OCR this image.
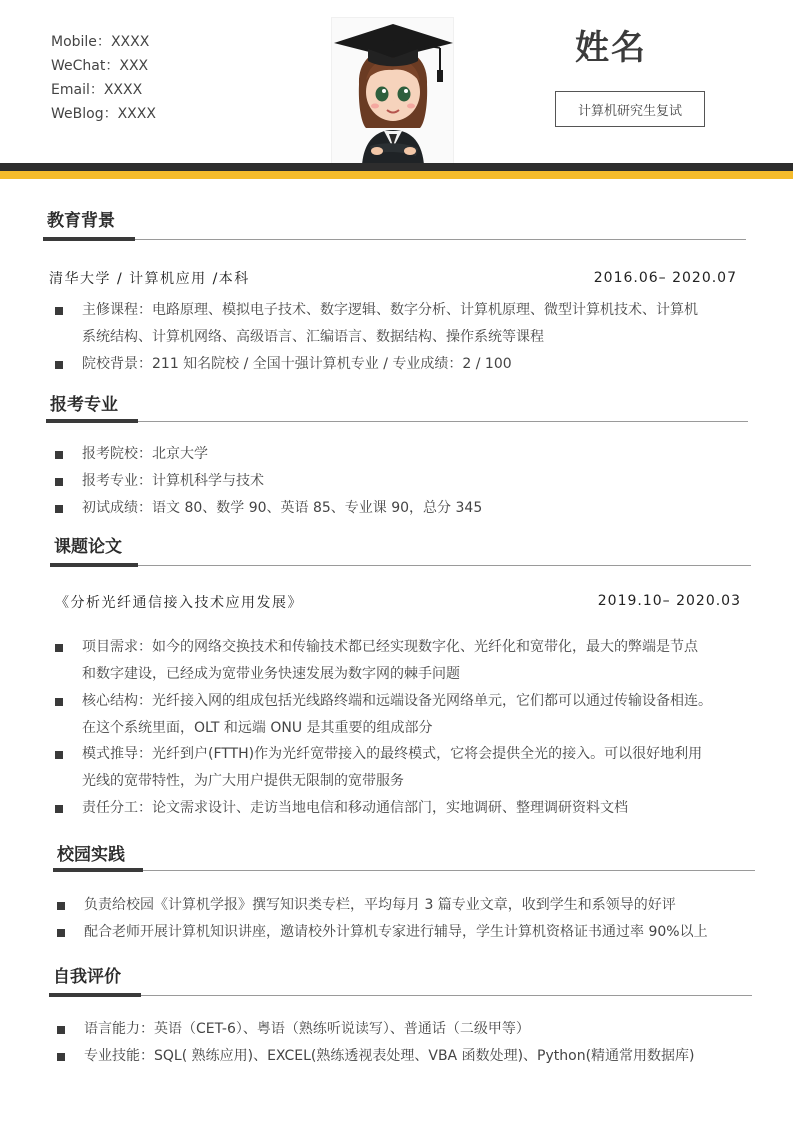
Mobile：XXXX
WeChat：XXX
Email：XXXX
WeBlog：XXXX
姓名
计算机研究生复试
教育背景
清华大学 / 计算机应用 /本科	2016.06– 2020.07
主修课程：电路原理、模拟电子技术、数字逻辑、数字分析、计算机原理、微型计算机技术、计算机
系统结构、计算机网络、高级语言、汇编语言、数据结构、操作系统等课程
院校背景：211 知名院校 / 全国十强计算机专业 / 专业成绩：2 / 100
报考专业
报考院校：北京大学
报考专业：计算机科学与技术
初试成绩：语文 80、数学 90、英语 85、专业课 90，总分 345
课题论文
《分析光纤通信接入技术应用发展》	2019.10– 2020.03
项目需求：如今的网络交换技术和传输技术都已经实现数字化、光纤化和宽带化，最大的弊端是节点
和数字建设，已经成为宽带业务快速发展为数字网的棘手问题
核心结构：光纤接入网的组成包括光线路终端和远端设备光网络单元，它们都可以通过传输设备相连。
在这个系统里面，OLT 和远端 ONU 是其重要的组成部分
模式推导：光纤到户(FTTH)作为光纤宽带接入的最终模式，它将会提供全光的接入。可以很好地利用
光线的宽带特性，为广大用户提供无限制的宽带服务
责任分工：论文需求设计、走访当地电信和移动通信部门，实地调研、整理调研资料文档
校园实践
负责给校园《计算机学报》撰写知识类专栏，平均每月 3 篇专业文章，收到学生和系领导的好评
配合老师开展计算机知识讲座，邀请校外计算机专家进行辅导，学生计算机资格证书通过率 90%以上
自我评价
语言能力：英语（CET-6）、粤语（熟练听说读写）、普通话（二级甲等）
专业技能：SQL( 熟练应用)、EXCEL(熟练透视表处理、VBA 函数处理)、Python(精通常用数据库)
